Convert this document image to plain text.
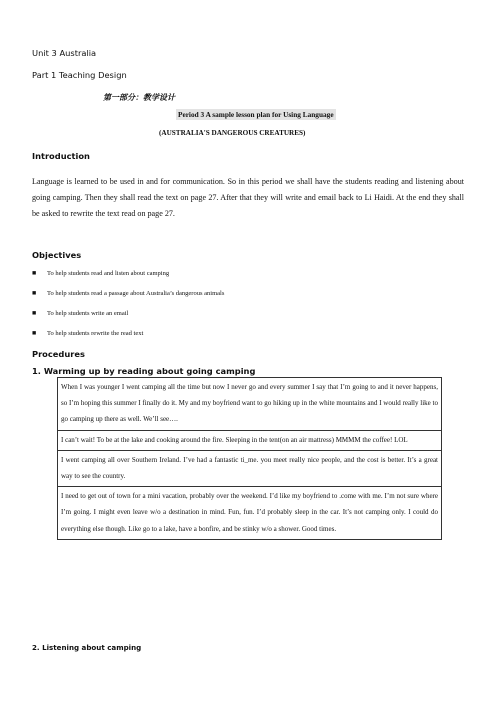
Unit 3 Australia
Part 1 Teaching Design
第一部分：教学设计
Period 3 A sample lesson plan for Using Language
(AUSTRALIA'S DANGEROUS CREATURES)
Introduction

Language is learned to be used in and for communication. So in this period we shall have the students reading and listening about going camping. Then they shall read the text on page 27. After that they will write and email back to Li Haidi. At the end they shall be asked to rewrite the text read on page 27.

Objectives
■ To help students read and listen about camping
■ To help students read a passage about Australia’s dangerous animals
■ To help students write an email
■ To help students rewrite the read text
Procedures
1. Warming up by reading about going camping
When I was younger I went camping all the time but now I never go and every summer I say that I’m going to and it never happens, so I’m hoping this summer I finally do it. My and my boyfriend want to go hiking up in the white mountains and I would really like to go camping up there as well. We’ll see….
I can’t wait! To be at the lake and cooking around the fire. Sleeping in the tent(on an air mattress) MMMM the coffee! LOL
I went camping all over Southern Ireland. I’ve had a fantastic ti_me. you meet really nice people, and the cost is better. It’s a great way to see the country.
I need to get out of town for a mini vacation, probably over the weekend. I’d like my boyfriend to .come with me. I’m not sure where I’m going. I might even leave w/o a destination in mind. Fun, fun. I’d probably sleep in the car. It’s not camping only. I could do everything else though. Like go to a lake, have a bonfire, and be stinky w/o a shower. Good times.
2. Listening about camping
